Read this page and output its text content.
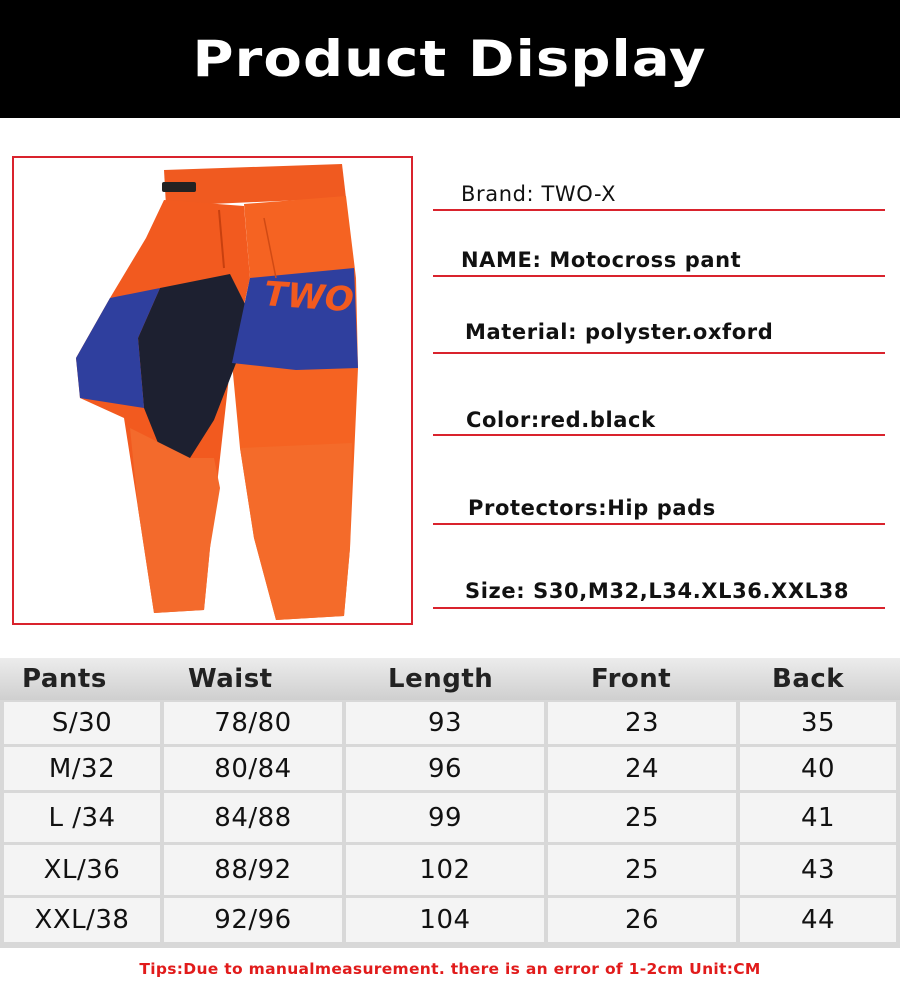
Product Display
TWO
Brand: TWO-X
NAME: Motocross pant
Material: polyster.oxford
Color:red.black
Protectors:Hip pads
Size: S30,M32,L34.XL36.XXL38
Pants	Waist	Length	Front	Back
S/30	78/80	93	23	35
M/32	80/84	96	24	40
L /34	84/88	99	25	41
XL/36	88/92	102	25	43
XXL/38	92/96	104	26	44
Tips:Due to manualmeasurement. there is an error of 1-2cm Unit:CM
